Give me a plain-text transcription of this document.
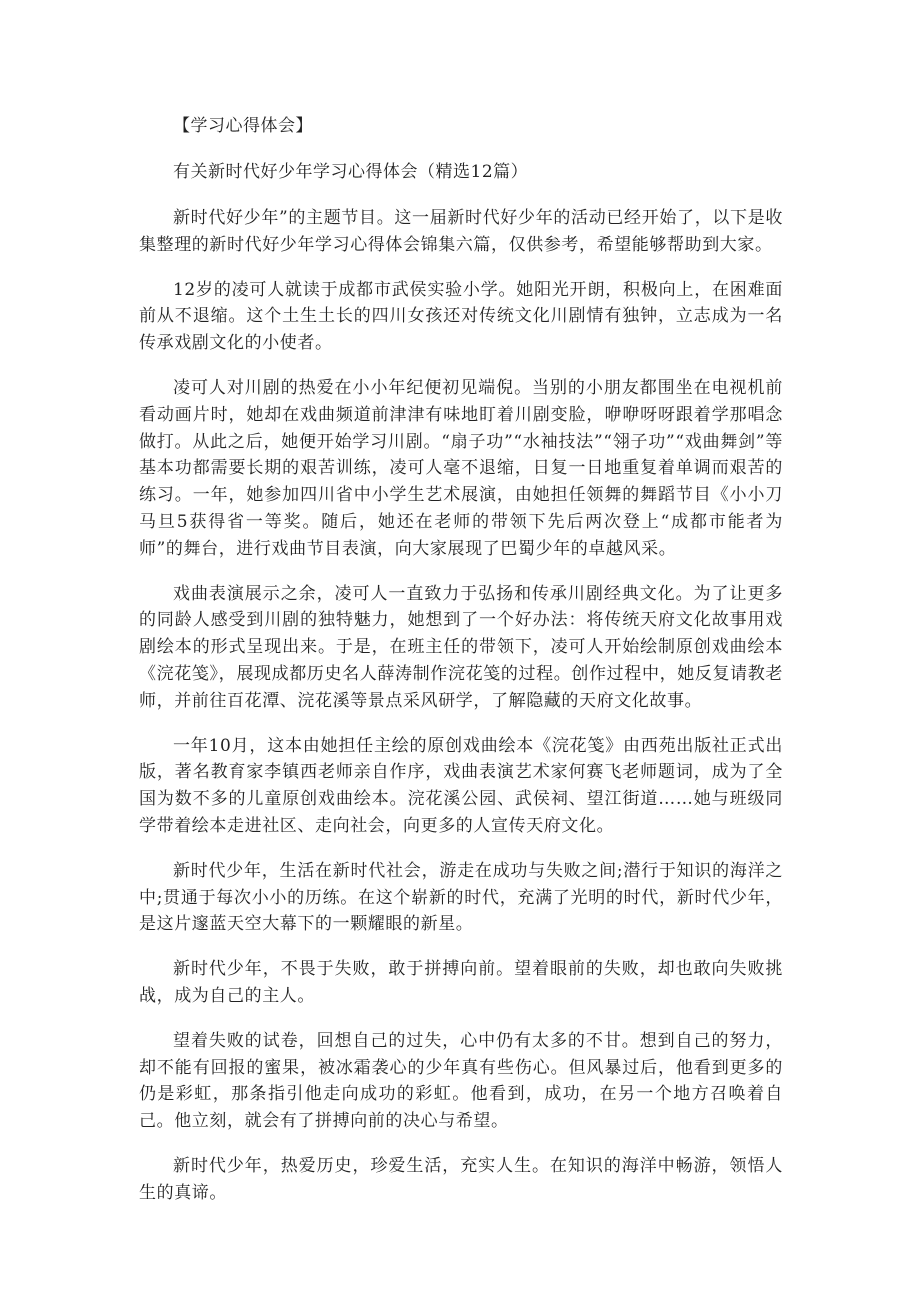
【学习心得体会】

有关新时代好少年学习心得体会（精选12篇）

新时代好少年”的主题节目。这一届新时代好少年的活动已经开始了，以下是收集整理的新时代好少年学习心得体会锦集六篇，仅供参考，希望能够帮助到大家。

12岁的凌可人就读于成都市武侯实验小学。她阳光开朗，积极向上，在困难面前从不退缩。这个土生土长的四川女孩还对传统文化川剧情有独钟，立志成为一名传承戏剧文化的小使者。

凌可人对川剧的热爱在小小年纪便初见端倪。当别的小朋友都围坐在电视机前看动画片时，她却在戏曲频道前津津有味地盯着川剧变脸，咿咿呀呀跟着学那唱念做打。从此之后，她便开始学习川剧。“扇子功”“水袖技法”“翎子功”“戏曲舞剑”等基本功都需要长期的艰苦训练，凌可人毫不退缩，日复一日地重复着单调而艰苦的练习。一年，她参加四川省中小学生艺术展演，由她担任领舞的舞蹈节目《小小刀马旦5获得省一等奖。随后，她还在老师的带领下先后两次登上“成都市能者为师”的舞台，进行戏曲节目表演，向大家展现了巴蜀少年的卓越风采。

戏曲表演展示之余，凌可人一直致力于弘扬和传承川剧经典文化。为了让更多的同龄人感受到川剧的独特魅力，她想到了一个好办法：将传统天府文化故事用戏剧绘本的形式呈现出来。于是，在班主任的带领下，凌可人开始绘制原创戏曲绘本《浣花笺》，展现成都历史名人薛涛制作浣花笺的过程。创作过程中，她反复请教老师，并前往百花潭、浣花溪等景点采风研学，了解隐藏的天府文化故事。

一年10月，这本由她担任主绘的原创戏曲绘本《浣花笺》由西苑出版社正式出版，著名教育家李镇西老师亲自作序，戏曲表演艺术家何赛飞老师题词，成为了全国为数不多的儿童原创戏曲绘本。浣花溪公园、武侯祠、望江街道……她与班级同学带着绘本走进社区、走向社会，向更多的人宣传天府文化。

新时代少年，生活在新时代社会，游走在成功与失败之间;潜行于知识的海洋之中;贯通于每次小小的历练。在这个崭新的时代，充满了光明的时代，新时代少年，是这片邃蓝天空大幕下的一颗耀眼的新星。

新时代少年，不畏于失败，敢于拼搏向前。望着眼前的失败，却也敢向失败挑战，成为自己的主人。

望着失败的试卷，回想自己的过失，心中仍有太多的不甘。想到自己的努力，却不能有回报的蜜果，被冰霜袭心的少年真有些伤心。但风暴过后，他看到更多的仍是彩虹，那条指引他走向成功的彩虹。他看到，成功，在另一个地方召唤着自己。他立刻，就会有了拼搏向前的决心与希望。

新时代少年，热爱历史，珍爱生活，充实人生。在知识的海洋中畅游，领悟人生的真谛。
